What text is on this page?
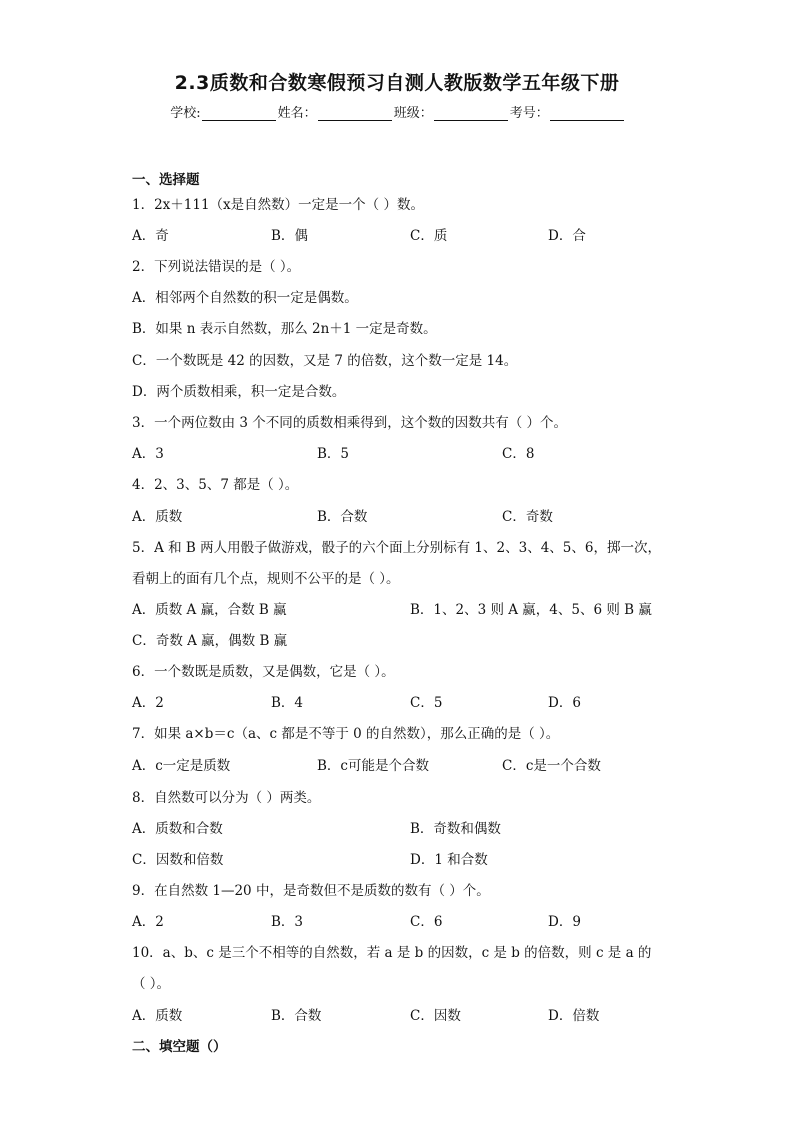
2.3质数和合数寒假预习自测人教版数学五年级下册
学校:	姓名：	班级：	考号：
一、选择题
1．2x＋111（x是自然数）一定是一个（ ）数。
A．奇	B．偶	C．质	D．合
2．下列说法错误的是（ ）。
A．相邻两个自然数的积一定是偶数。
B．如果 n 表示自然数，那么 2n＋1 一定是奇数。
C．一个数既是 42 的因数，又是 7 的倍数，这个数一定是 14。
D．两个质数相乘，积一定是合数。
3．一个两位数由 3 个不同的质数相乘得到，这个数的因数共有（ ）个。
A．3	B．5	C．8
4．2、3、5、7 都是（ ）。
A．质数	B．合数	C．奇数
5．A 和 B 两人用骰子做游戏，骰子的六个面上分别标有 1、2、3、4、5、6，掷一次，
看朝上的面有几个点，规则不公平的是（ ）。
A．质数 A 赢，合数 B 赢	B．1、2、3 则 A 赢，4、5、6 则 B 赢
C．奇数 A 赢，偶数 B 赢
6．一个数既是质数，又是偶数，它是（ ）。
A．2	B．4	C．5	D．6
7．如果 a×b＝c（a、c 都是不等于 0 的自然数），那么正确的是（ ）。
A．c一定是质数	B．c可能是个合数	C．c是一个合数
8．自然数可以分为（ ）两类。
A．质数和合数	B．奇数和偶数
C．因数和倍数	D．1 和合数
9．在自然数 1—20 中，是奇数但不是质数的数有（ ）个。
A．2	B．3	C．6	D．9
10．a、b、c 是三个不相等的自然数，若 a 是 b 的因数，c 是 b 的倍数，则 c 是 a 的
（ ）。
A．质数	B．合数	C．因数	D．倍数
二、填空题（）
